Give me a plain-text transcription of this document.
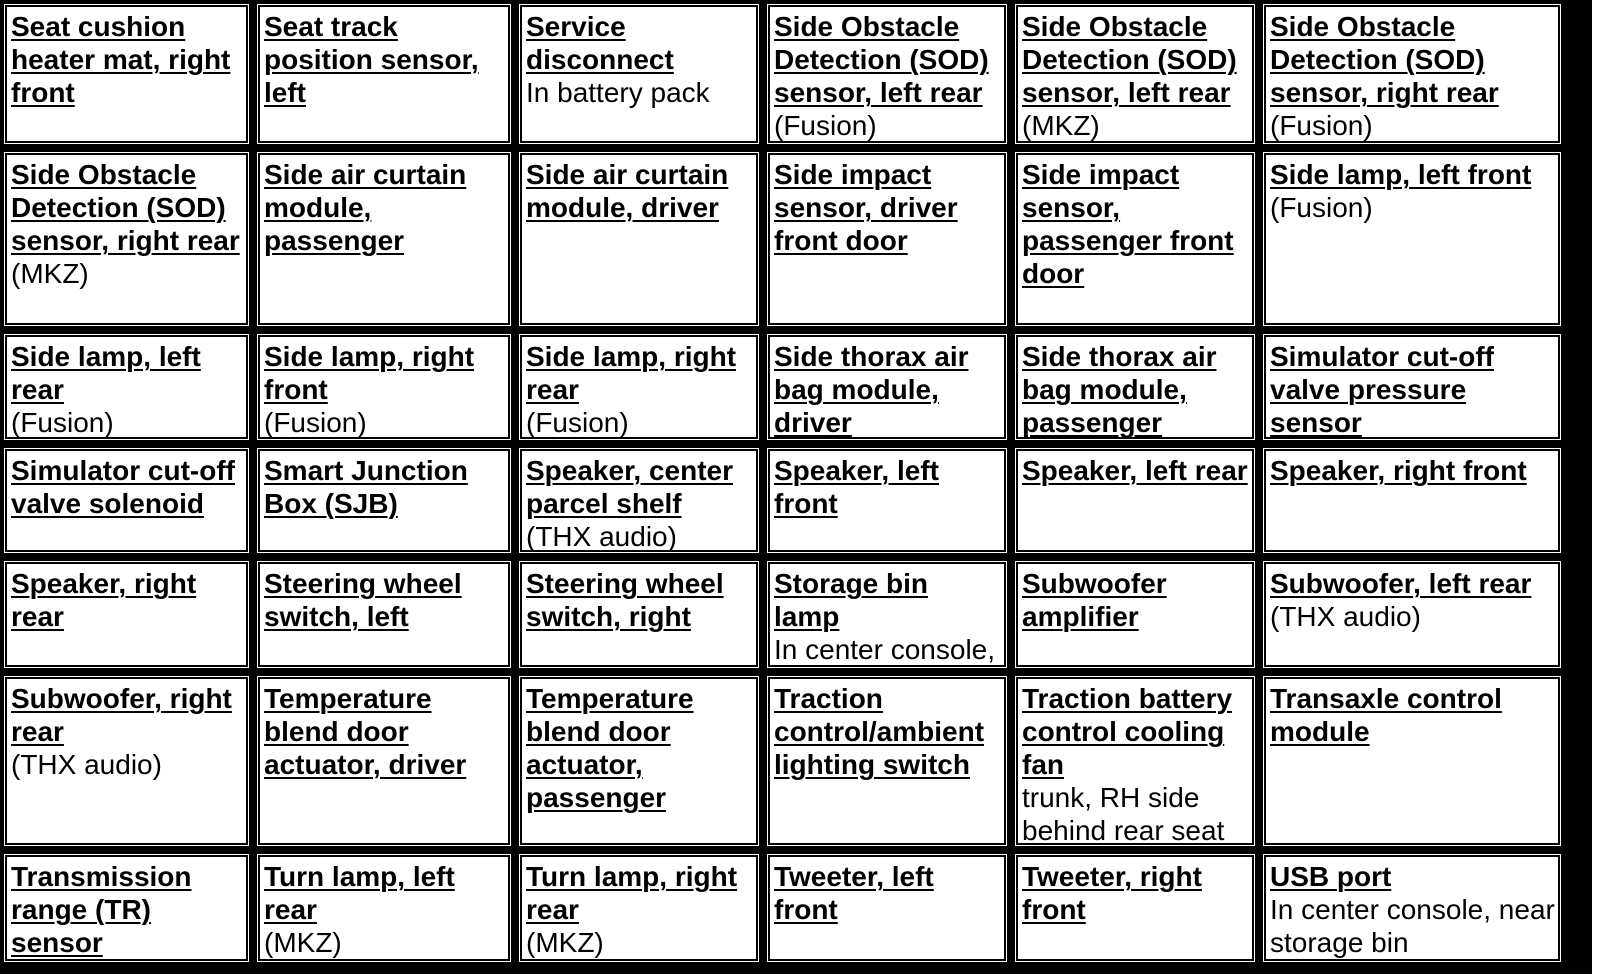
Seat cushion heater mat, right front
Seat track position sensor, left
Service disconnect
In battery pack
Side Obstacle Detection (SOD) sensor, left rear
(Fusion)
Side Obstacle Detection (SOD) sensor, left rear
(MKZ)
Side Obstacle Detection (SOD) sensor, right rear
(Fusion)
Side Obstacle Detection (SOD) sensor, right rear
(MKZ)
Side air curtain module, passenger
Side air curtain module, driver
Side impact sensor, driver front door
Side impact sensor, passenger front door
Side lamp, left front
(Fusion)
Side lamp, left rear
(Fusion)
Side lamp, right front
(Fusion)
Side lamp, right rear
(Fusion)
Side thorax air bag module, driver
Side thorax air bag module, passenger
Simulator cut-off valve pressure sensor
Simulator cut-off valve solenoid
Smart Junction Box (SJB)
Speaker, center parcel shelf
(THX audio)
Speaker, left front
Speaker, left rear Speaker, right front
Speaker, right rear
Steering wheel switch, left
Steering wheel switch, right
Storage bin lamp
In center console,
Subwoofer amplifier
Subwoofer, left rear
(THX audio)
Subwoofer, right rear
(THX audio)
Temperature blend door actuator, driver
Temperature blend door actuator, passenger
Traction control/ambient lighting switch
Traction battery control cooling fan
trunk, RH side behind rear seat
Transaxle control module
Transmission range (TR) sensor
Turn lamp, left rear
(MKZ)
Turn lamp, right rear
(MKZ)
Tweeter, left front
Tweeter, right front
USB port
In center console, near storage bin
